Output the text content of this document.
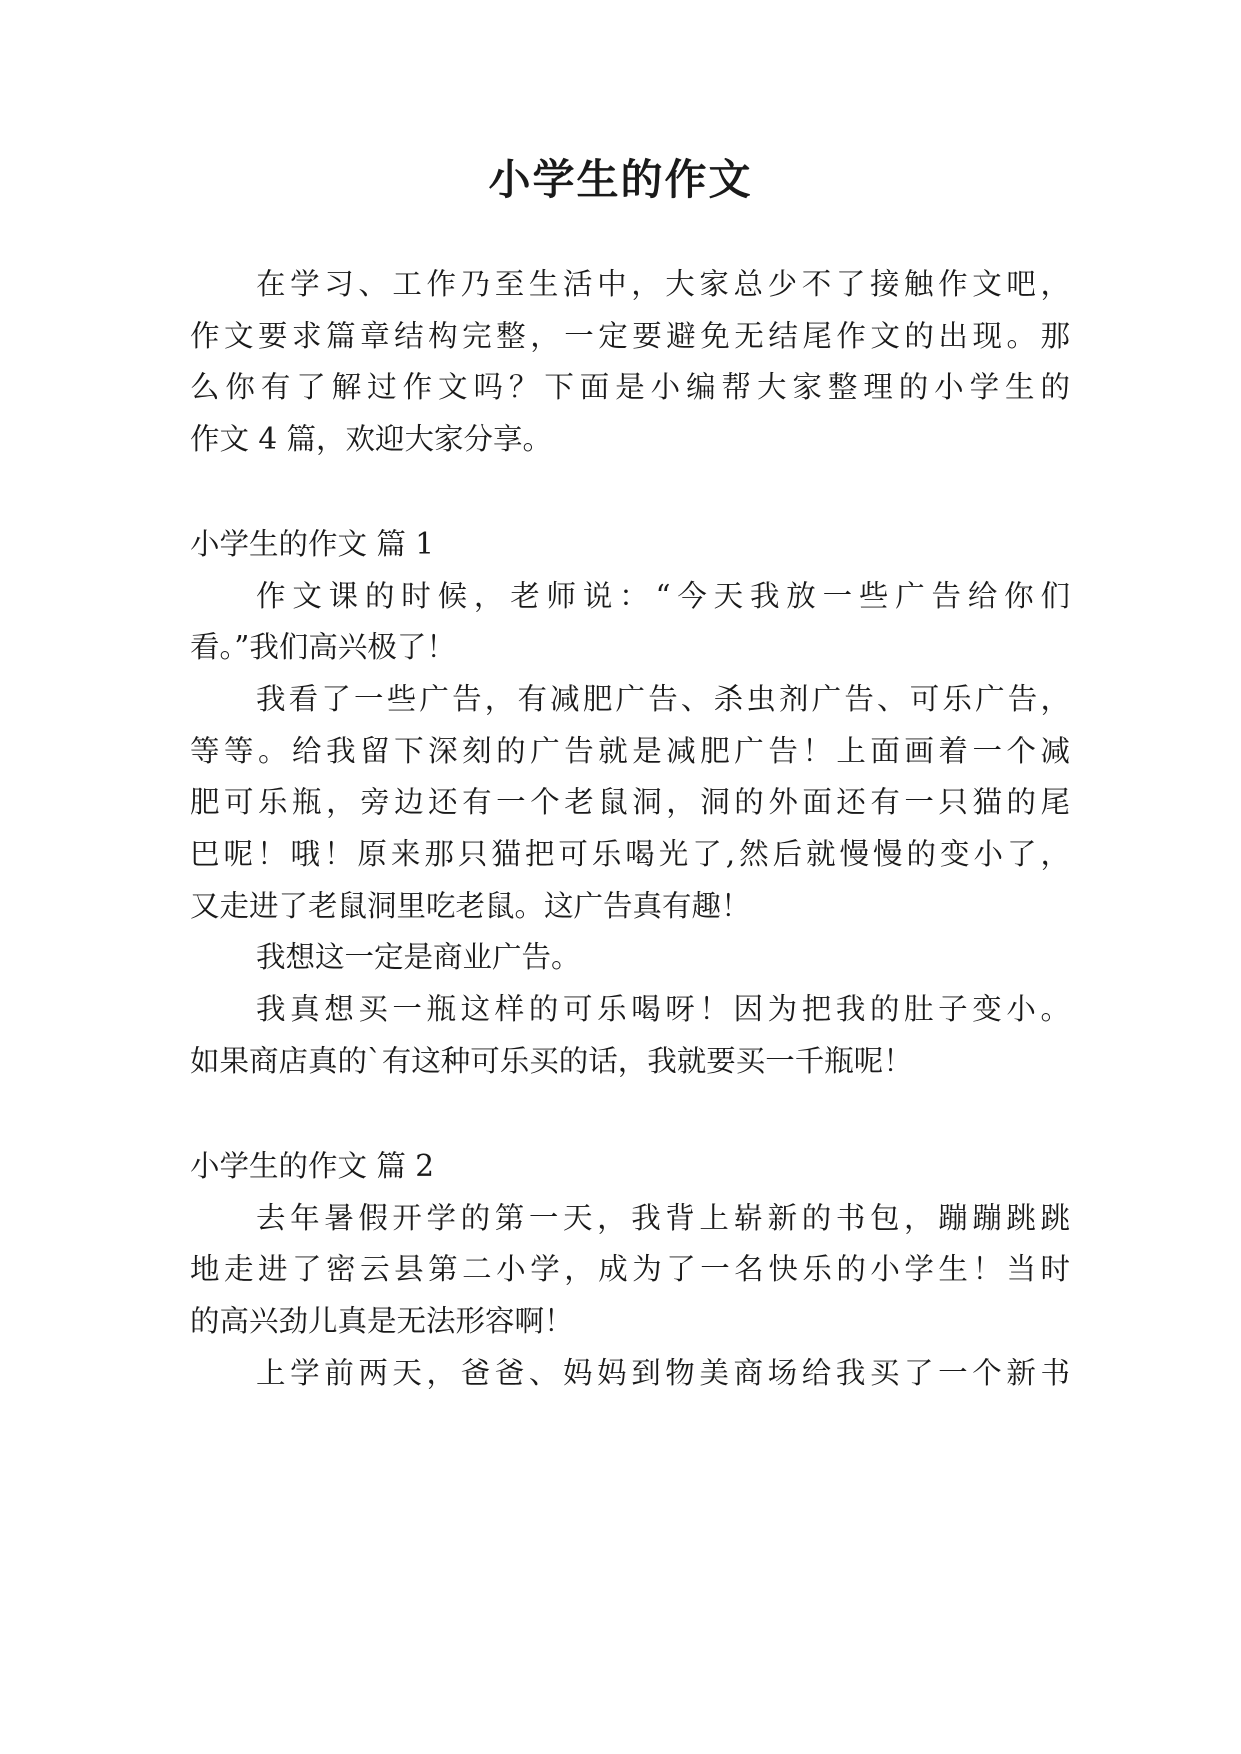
小学生的作文

在学习、工作乃至生活中，大家总少不了接触作文吧，

作文要求篇章结构完整，一定要避免无结尾作文的出现。那

么你有了解过作文吗？下面是小编帮大家整理的小学生的

作文 4 篇，欢迎大家分享。

小学生的作文 篇 1

作文课的时候，老师说：“今天我放一些广告给你们

看。”我们高兴极了！

我看了一些广告，有减肥广告、杀虫剂广告、可乐广告，

等等。给我留下深刻的广告就是减肥广告！上面画着一个减

肥可乐瓶，旁边还有一个老鼠洞，洞的外面还有一只猫的尾

巴呢！哦！原来那只猫把可乐喝光了,然后就慢慢的变小了，

又走进了老鼠洞里吃老鼠。这广告真有趣！

我想这一定是商业广告。

我真想买一瓶这样的可乐喝呀！因为把我的肚子变小。

如果商店真的`有这种可乐买的话，我就要买一千瓶呢！

小学生的作文 篇 2

去年暑假开学的第一天，我背上崭新的书包，蹦蹦跳跳

地走进了密云县第二小学，成为了一名快乐的小学生！当时

的高兴劲儿真是无法形容啊！

上学前两天，爸爸、妈妈到物美商场给我买了一个新书
